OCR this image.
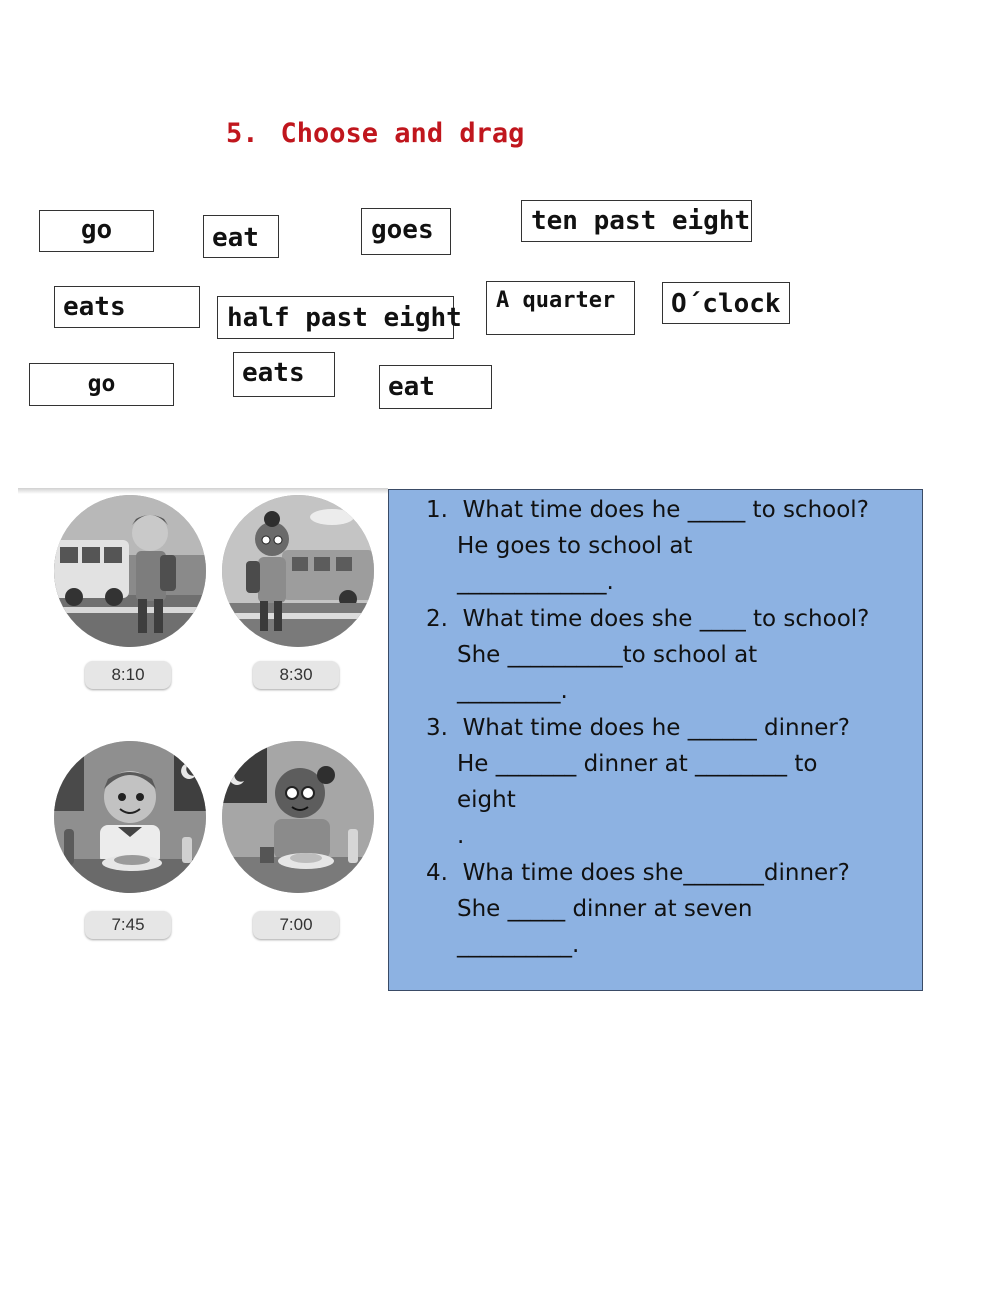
5. Choose and drag
go	eat	goes	ten past eight
eats	half past eight
A quarter	O´clock
go	eats	eat
8:10	8:30
7:45	7:00
1.  What time does he _____ to school?
He goes to school at
_____________.
2.  What time does she ____ to school?
She __________to school at
_________.
3.  What time does he ______ dinner?
He _______ dinner at ________ to
eight
.
4.  Wha time does she_______dinner?
She _____ dinner at seven
__________.
